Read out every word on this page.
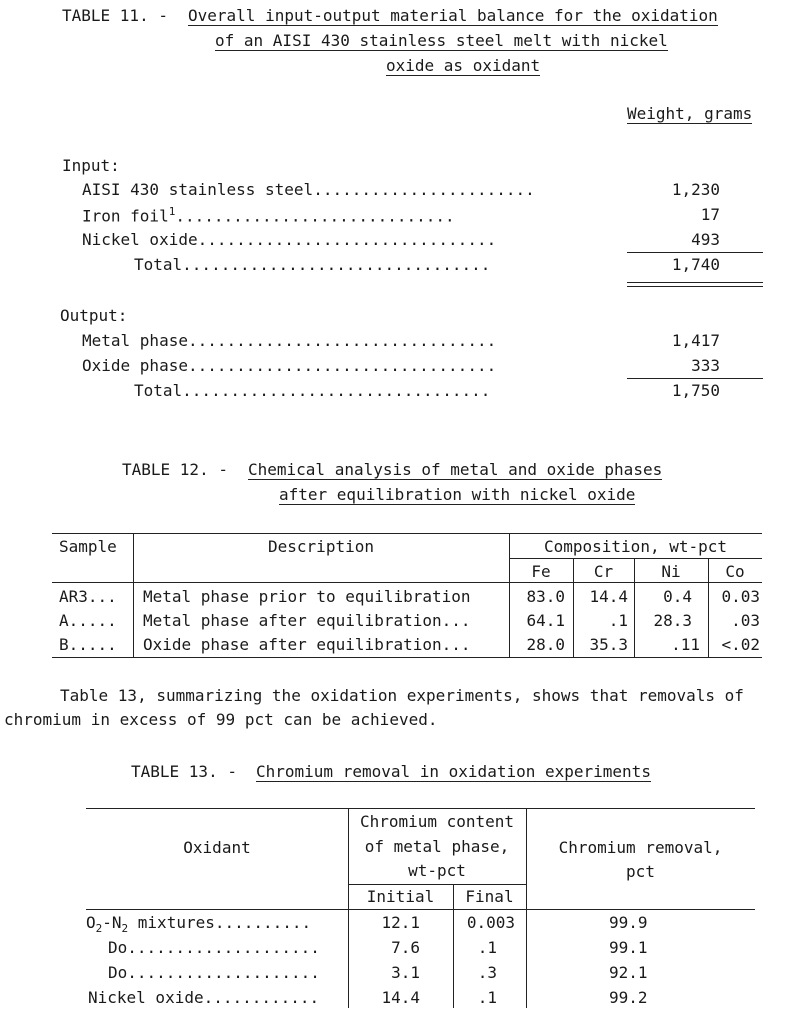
TABLE 11. - Overall input-output material balance for the oxidation
of an AISI 430 stainless steel melt with nickel
oxide as oxidant
Weight, grams
Input:
AISI 430 stainless steel.......................	1,230
Iron foil$^1$.............................	17
Nickel oxide...............................	493
Total................................	1,740
Output:
Metal phase................................	1,417
Oxide phase................................	333
Total................................	1,750
TABLE 12. - Chemical analysis of metal and oxide phases
after equilibration with nickel oxide
Sample	Description	Composition, wt-pct
Fe	Cr	Ni	Co
AR3... Metal phase prior to equilibration	83.0	14.4	0.4	0.03
A..... Metal phase after equilibration...	64.1	.1	28.3	.03
B..... Oxide phase after equilibration...	28.0	35.3	.11	<.02
Table 13, summarizing the oxidation experiments, shows that removals of
chromium in excess of 99 pct can be achieved.
TABLE 13. - Chromium removal in oxidation experiments
Oxidant
Chromium content
of metal phase,
wt-pct
Initial	Final
Chromium removal,
pct
$O_2-N_2$ mixtures..........	12.1	0.003	99.9
Do....................	7.6	.1	99.1
Do....................	3.1	.3	92.1
Nickel oxide............	14.4	.1	99.2
